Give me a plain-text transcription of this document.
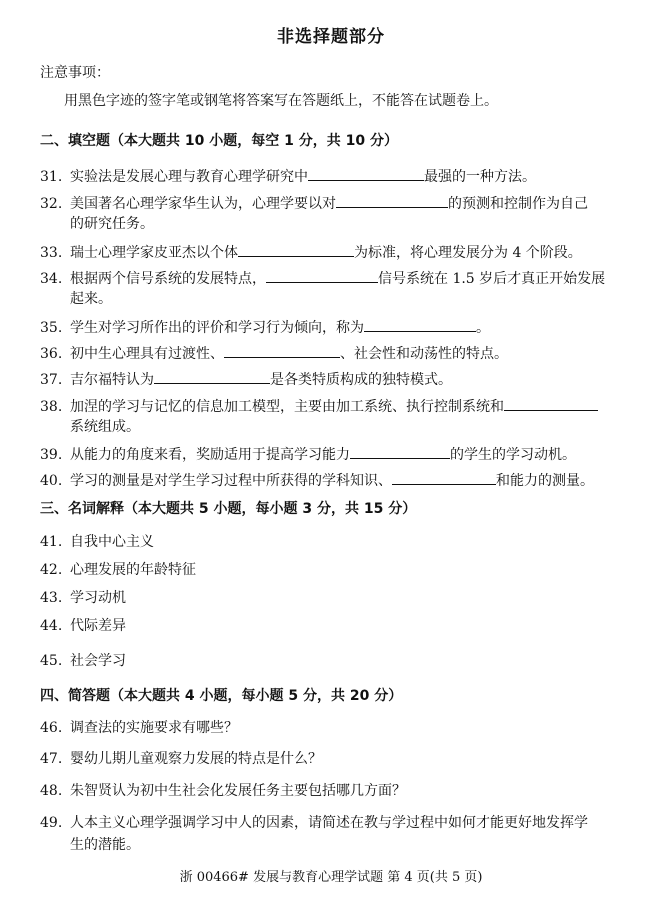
非选择题部分
注意事项：
用黑色字迹的签字笔或钢笔将答案写在答题纸上，不能答在试题卷上。
二、填空题（本大题共 10 小题，每空 1 分，共 10 分）
31. 实验法是发展心理与教育心理学研究中	最强的一种方法。
32. 美国著名心理学家华生认为，心理学要以对	的预测和控制作为自己
的研究任务。
33. 瑞士心理学家皮亚杰以个体	为标准，将心理发展分为 4 个阶段。
34. 根据两个信号系统的发展特点，	信号系统在 1.5 岁后才真正开始发展
起来。
35. 学生对学习所作出的评价和学习行为倾向，称为	。
36. 初中生心理具有过渡性、	、社会性和动荡性的特点。
37. 吉尔福特认为	是各类特质构成的独特模式。
38. 加涅的学习与记忆的信息加工模型，主要由加工系统、执行控制系统和
系统组成。
39. 从能力的角度来看，奖励适用于提高学习能力	的学生的学习动机。
40. 学习的测量是对学生学习过程中所获得的学科知识、	和能力的测量。
三、名词解释（本大题共 5 小题，每小题 3 分，共 15 分）
41. 自我中心主义
42. 心理发展的年龄特征
43. 学习动机
44. 代际差异
45. 社会学习
四、简答题（本大题共 4 小题，每小题 5 分，共 20 分）
46. 调查法的实施要求有哪些？
47. 婴幼儿期儿童观察力发展的特点是什么？
48. 朱智贤认为初中生社会化发展任务主要包括哪几方面？
49. 人本主义心理学强调学习中人的因素，请简述在教与学过程中如何才能更好地发挥学
生的潜能。
浙 00466# 发展与教育心理学试题 第 4 页(共 5 页)
